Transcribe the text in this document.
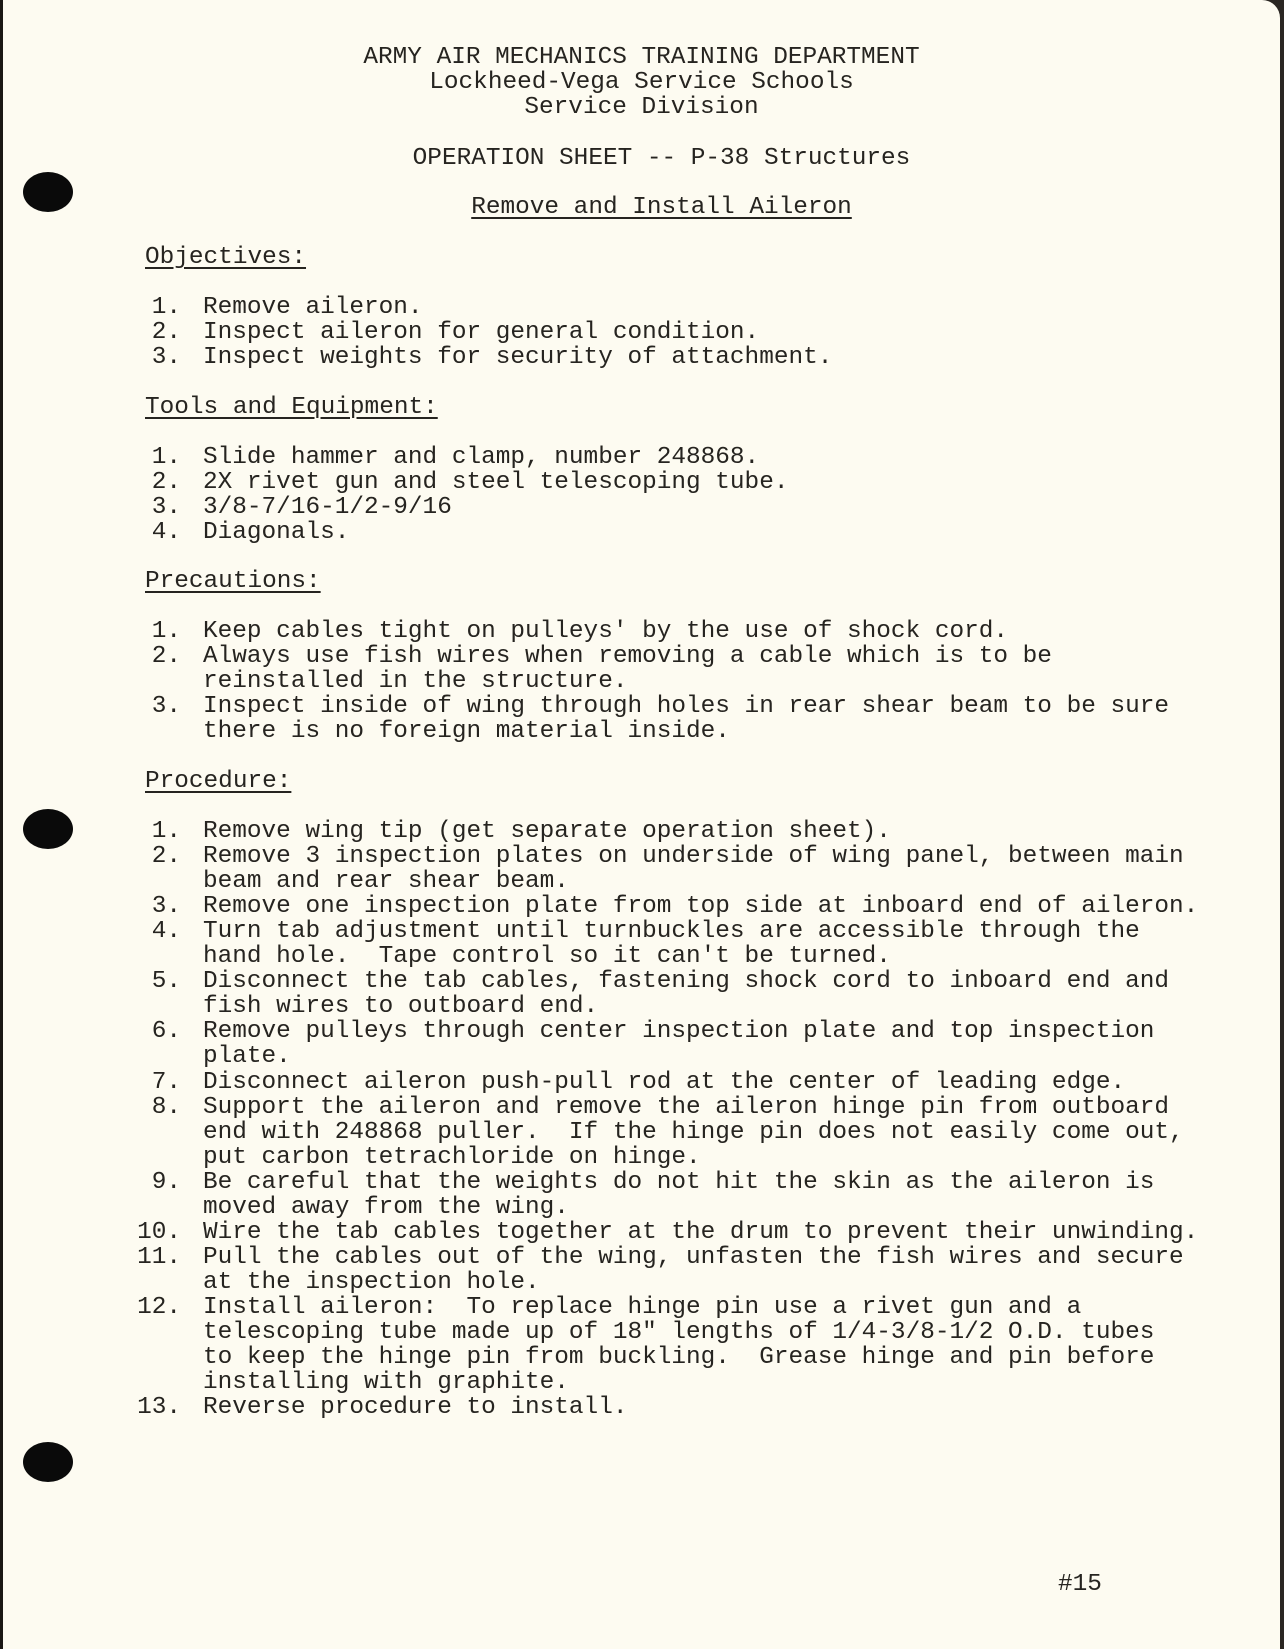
ARMY AIR MECHANICS TRAINING DEPARTMENT
Lockheed-Vega Service Schools
Service Division
OPERATION SHEET -- P-38 Structures
Remove and Install Aileron
Objectives:
1. Remove aileron.
2. Inspect aileron for general condition.
3. Inspect weights for security of attachment.
Tools and Equipment:
1. Slide hammer and clamp, number 248868.
2. 2X rivet gun and steel telescoping tube.
3. 3/8-7/16-1/2-9/16
4. Diagonals.
Precautions:
1. Keep cables tight on pulleys' by the use of shock cord.
2. Always use fish wires when removing a cable which is to be
reinstalled in the structure.
3. Inspect inside of wing through holes in rear shear beam to be sure
there is no foreign material inside.
Procedure:
1. Remove wing tip (get separate operation sheet).
2. Remove 3 inspection plates on underside of wing panel, between main
beam and rear shear beam.
3. Remove one inspection plate from top side at inboard end of aileron.
4. Turn tab adjustment until turnbuckles are accessible through the
hand hole.  Tape control so it can't be turned.
5. Disconnect the tab cables, fastening shock cord to inboard end and
fish wires to outboard end.
6. Remove pulleys through center inspection plate and top inspection
plate.
7. Disconnect aileron push-pull rod at the center of leading edge.
8. Support the aileron and remove the aileron hinge pin from outboard
end with 248868 puller.  If the hinge pin does not easily come out,
put carbon tetrachloride on hinge.
9. Be careful that the weights do not hit the skin as the aileron is
moved away from the wing.
10. Wire the tab cables together at the drum to prevent their unwinding.
11. Pull the cables out of the wing, unfasten the fish wires and secure
at the inspection hole.
12. Install aileron:  To replace hinge pin use a rivet gun and a
telescoping tube made up of 18" lengths of 1/4-3/8-1/2 O.D. tubes
to keep the hinge pin from buckling.  Grease hinge and pin before
installing with graphite.
13. Reverse procedure to install.
#15
